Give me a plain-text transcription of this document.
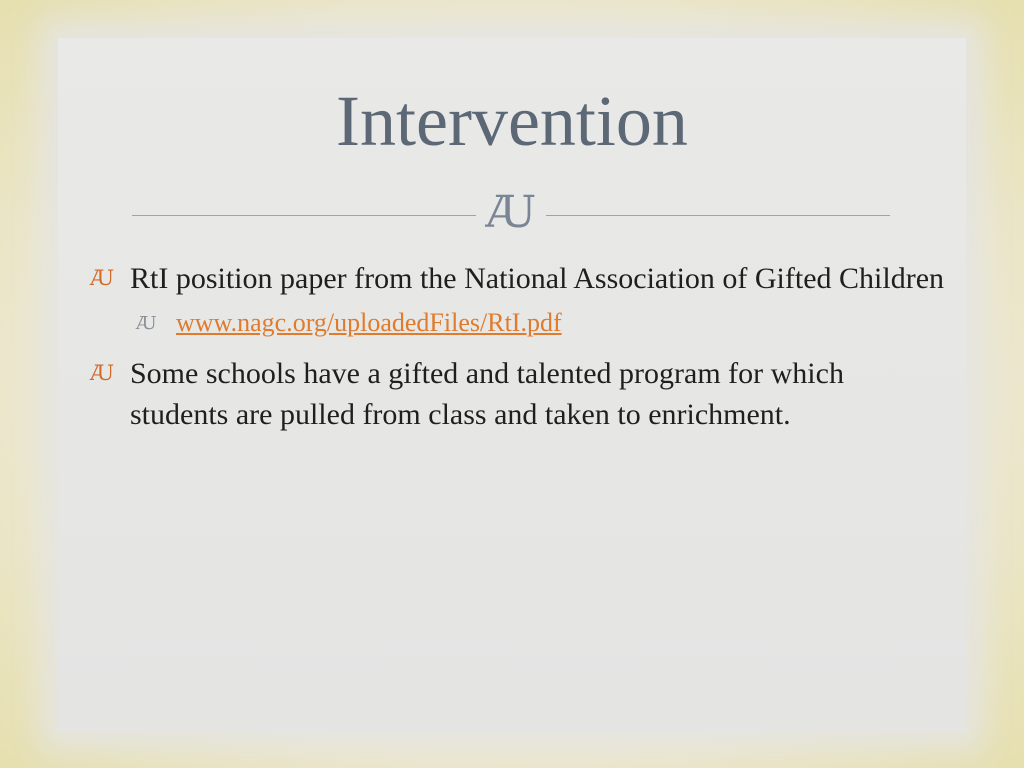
Intervention
Ꜷ
Ꜷ RtI position paper from the National Association of Gifted Children
Ꜷ www.nagc.org/uploadedFiles/RtI.pdf
Ꜷ Some schools have a gifted and talented program for which students are pulled from class and taken to enrichment.
